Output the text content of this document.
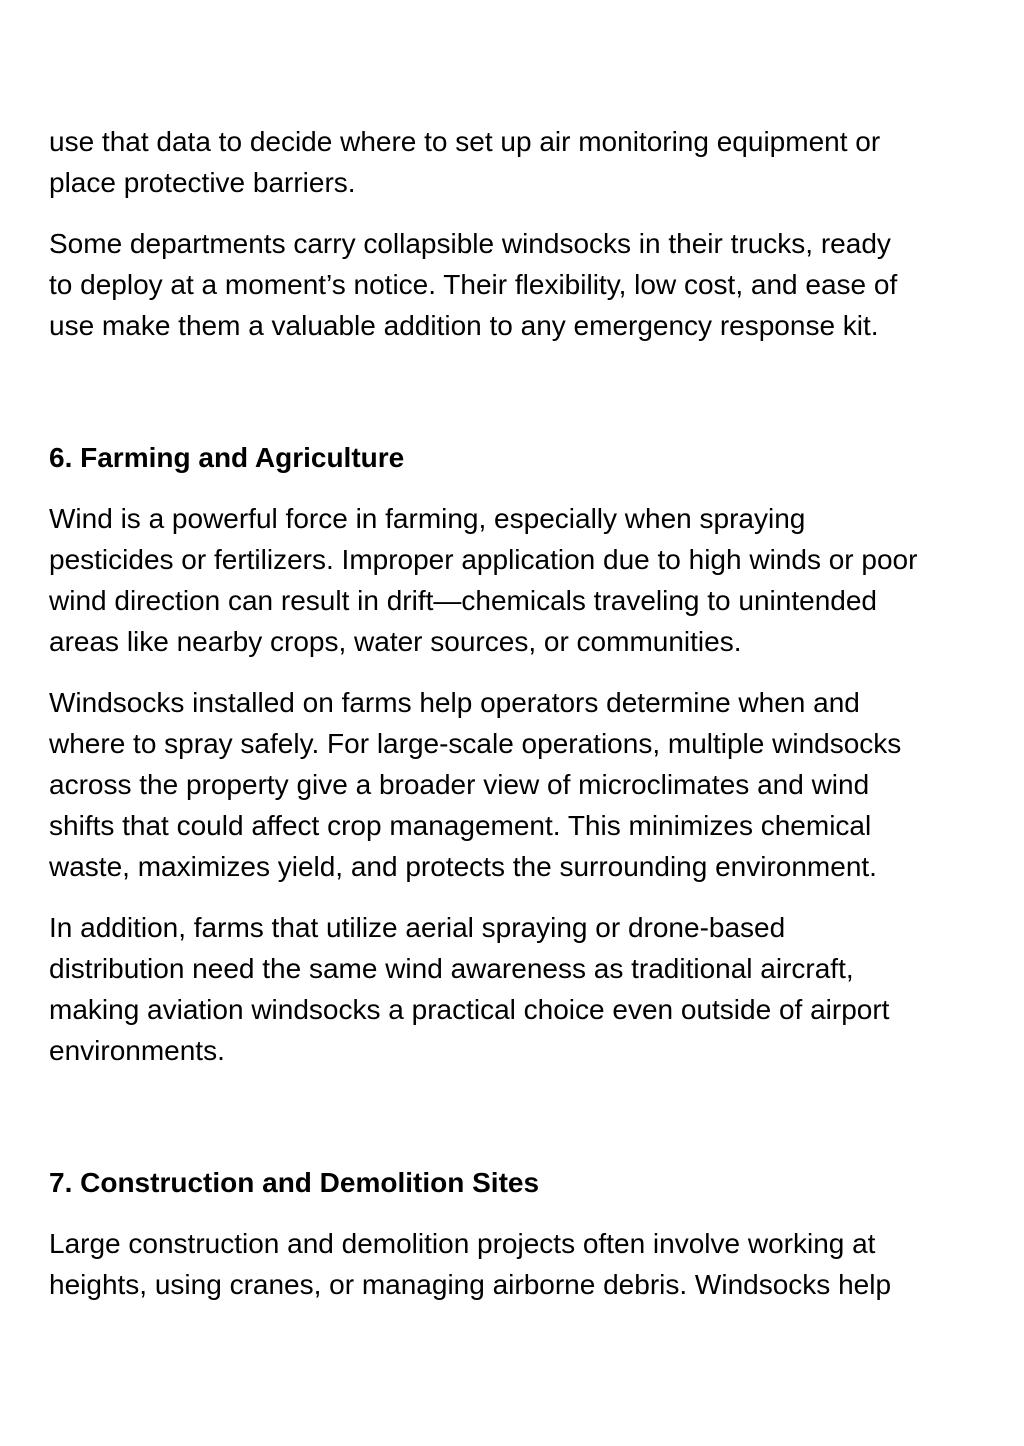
use that data to decide where to set up air monitoring equipment or
place protective barriers.

Some departments carry collapsible windsocks in their trucks, ready
to deploy at a moment’s notice. Their flexibility, low cost, and ease of
use make them a valuable addition to any emergency response kit.

6. Farming and Agriculture

Wind is a powerful force in farming, especially when spraying
pesticides or fertilizers. Improper application due to high winds or poor
wind direction can result in drift—chemicals traveling to unintended
areas like nearby crops, water sources, or communities.

Windsocks installed on farms help operators determine when and
where to spray safely. For large-scale operations, multiple windsocks
across the property give a broader view of microclimates and wind
shifts that could affect crop management. This minimizes chemical
waste, maximizes yield, and protects the surrounding environment.

In addition, farms that utilize aerial spraying or drone-based
distribution need the same wind awareness as traditional aircraft,
making aviation windsocks a practical choice even outside of airport
environments.

7. Construction and Demolition Sites

Large construction and demolition projects often involve working at
heights, using cranes, or managing airborne debris. Windsocks help
